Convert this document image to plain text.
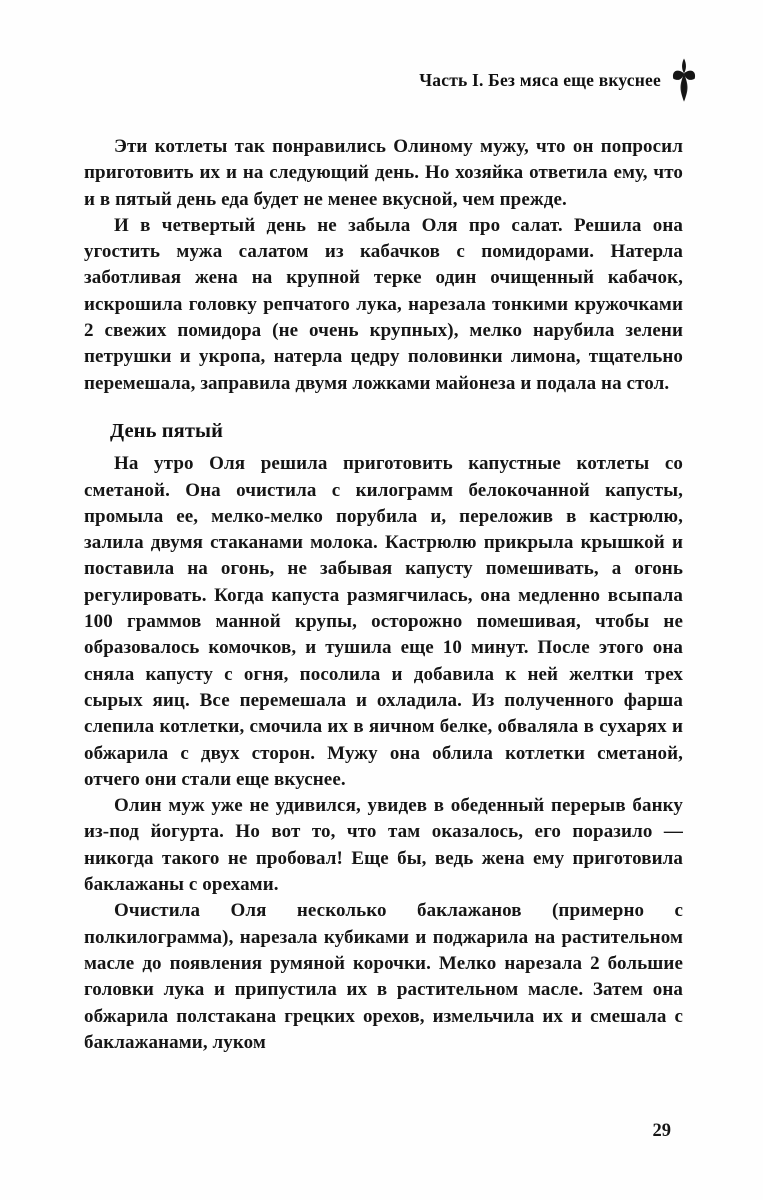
Часть I. Без мяса еще вкуснее

Эти котлеты так понравились Олиному мужу, что он попросил приготовить их и на следующий день. Но хозяйка ответила ему, что и в пятый день еда будет не менее вкусной, чем прежде.

И в четвертый день не забыла Оля про салат. Решила она угостить мужа салатом из кабачков с помидорами. Натерла заботливая жена на крупной терке один очищенный кабачок, искрошила головку репчатого лука, нарезала тонкими кружочками 2 свежих помидора (не очень крупных), мелко нарубила зелени петрушки и укропа, натерла цедру половинки лимона, тщательно перемешала, заправила двумя ложками майонеза и подала на стол.

День пятый

На утро Оля решила приготовить капустные котлеты со сметаной. Она очистила с килограмм белокочанной капусты, промыла ее, мелко-мелко порубила и, переложив в кастрюлю, залила двумя стаканами молока. Кастрюлю прикрыла крышкой и поставила на огонь, не забывая капусту помешивать, а огонь регулировать. Когда капуста размягчилась, она медленно всыпала 100 граммов манной крупы, осторожно помешивая, чтобы не образовалось комочков, и тушила еще 10 минут. После этого она сняла капусту с огня, посолила и добавила к ней желтки трех сырых яиц. Все перемешала и охладила. Из полученного фарша слепила котлетки, смочила их в яичном белке, обваляла в сухарях и обжарила с двух сторон. Мужу она облила котлетки сметаной, отчего они стали еще вкуснее.

Олин муж уже не удивился, увидев в обеденный перерыв банку из-под йогурта. Но вот то, что там оказалось, его поразило — никогда такого не пробовал! Еще бы, ведь жена ему приготовила баклажаны с орехами.

Очистила Оля несколько баклажанов (примерно с полкилограмма), нарезала кубиками и поджарила на растительном масле до появления румяной корочки. Мелко нарезала 2 большие головки лука и припустила их в растительном масле. Затем она обжарила полстакана грецких орехов, измельчила их и смешала с баклажанами, луком

29
